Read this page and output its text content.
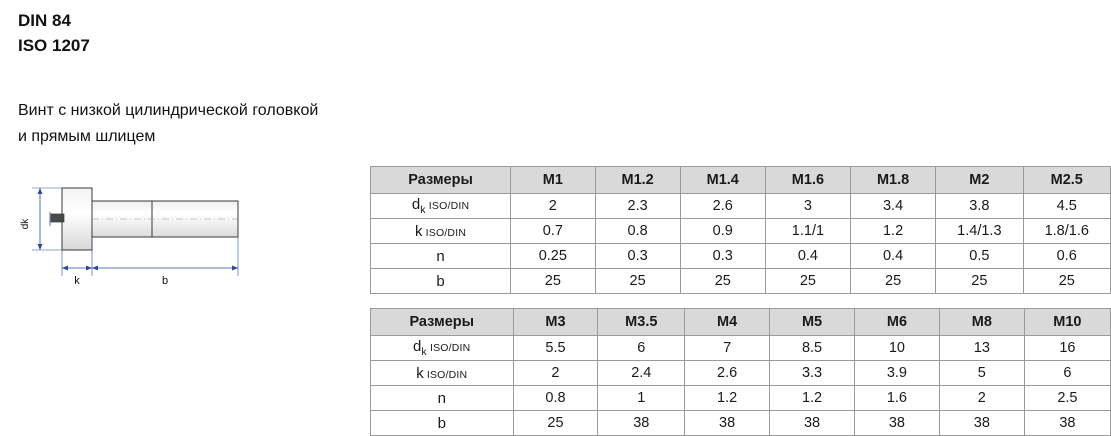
DIN 84
ISO 1207
Винт с низкой цилиндрической головкой
и прямым шлицем
dk
k	b
Размеры	M1	M1.2	M1.4	M1.6	M1.8	M2	M2.5
$d_k$ ISO/DIN	2	2.3	2.6	3	3.4	3.8	4.5
k ISO/DIN	0.7	0.8	0.9	1.1/1	1.2	1.4/1.3	1.8/1.6
n	0.25	0.3	0.3	0.4	0.4	0.5	0.6
b	25	25	25	25	25	25	25
Размеры	M3	M3.5	M4	M5	M6	M8	M10
$d_k$ ISO/DIN	5.5	6	7	8.5	10	13	16
k ISO/DIN	2	2.4	2.6	3.3	3.9	5	6
n	0.8	1	1.2	1.2	1.6	2	2.5
b	25	38	38	38	38	38	38
